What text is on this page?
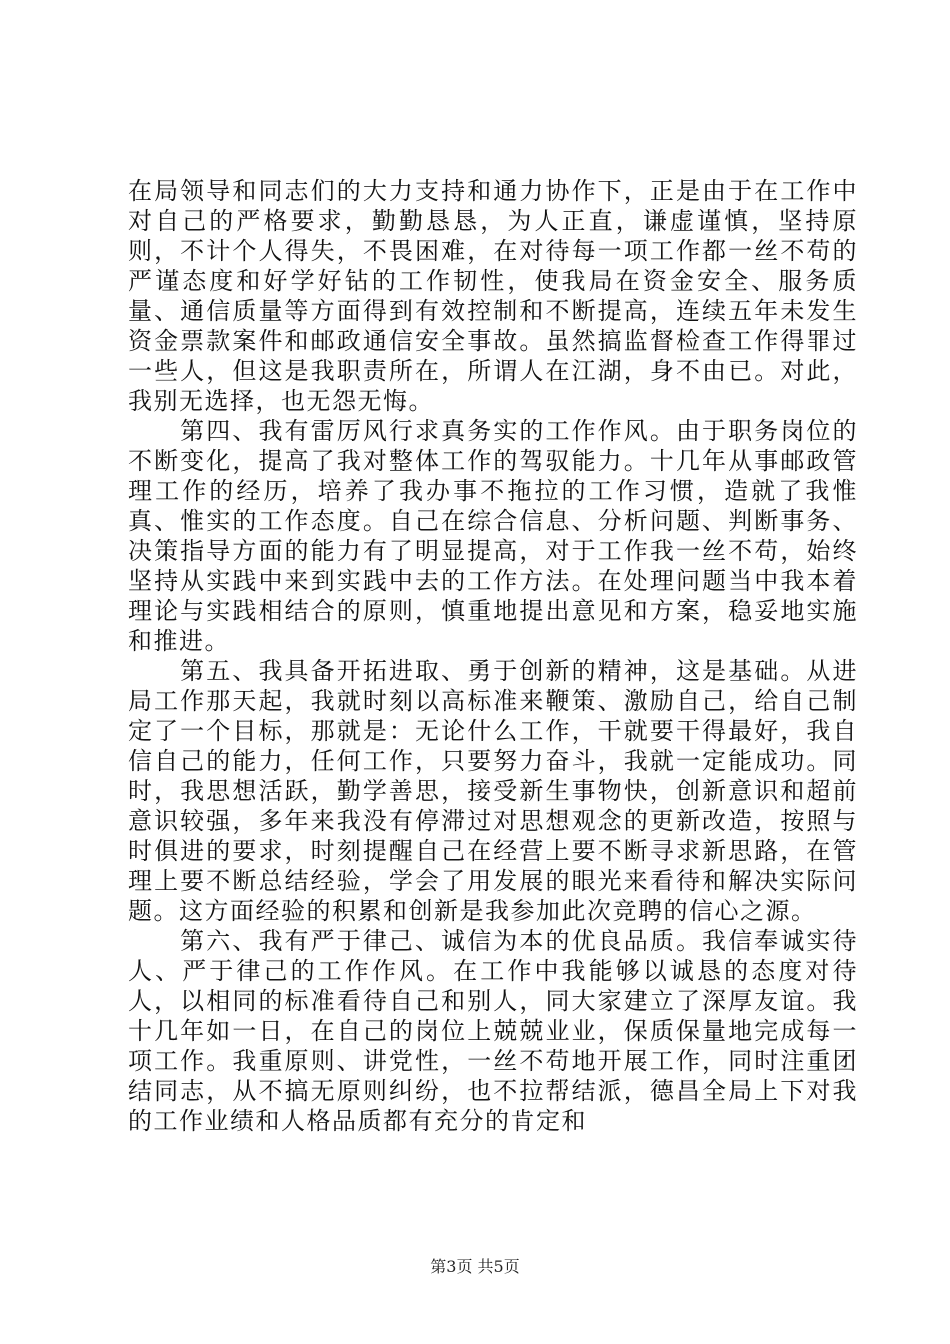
在局领导和同志们的大力支持和通力协作下，正是由于在工作中对自己的严格要求，勤勤恳恳，为人正直，谦虚谨慎，坚持原则，不计个人得失，不畏困难，在对待每一项工作都一丝不苟的严谨态度和好学好钻的工作韧性，使我局在资金安全、服务质量、通信质量等方面得到有效控制和不断提高，连续五年未发生资金票款案件和邮政通信安全事故。虽然搞监督检查工作得罪过一些人，但这是我职责所在，所谓人在江湖，身不由已。对此，我别无选择，也无怨无悔。

　　第四、我有雷厉风行求真务实的工作作风。由于职务岗位的不断变化，提高了我对整体工作的驾驭能力。十几年从事邮政管理工作的经历，培养了我办事不拖拉的工作习惯，造就了我惟真、惟实的工作态度。自己在综合信息、分析问题、判断事务、决策指导方面的能力有了明显提高，对于工作我一丝不苟，始终坚持从实践中来到实践中去的工作方法。在处理问题当中我本着理论与实践相结合的原则，慎重地提出意见和方案，稳妥地实施和推进。

　　第五、我具备开拓进取、勇于创新的精神，这是基础。从进局工作那天起，我就时刻以高标准来鞭策、激励自己，给自己制定了一个目标，那就是：无论什么工作，干就要干得最好，我自信自己的能力，任何工作，只要努力奋斗，我就一定能成功。同时，我思想活跃，勤学善思，接受新生事物快，创新意识和超前意识较强，多年来我没有停滞过对思想观念的更新改造，按照与时俱进的要求，时刻提醒自己在经营上要不断寻求新思路，在管理上要不断总结经验，学会了用发展的眼光来看待和解决实际问题。这方面经验的积累和创新是我参加此次竞聘的信心之源。

　　第六、我有严于律己、诚信为本的优良品质。我信奉诚实待人、严于律己的工作作风。在工作中我能够以诚恳的态度对待人，以相同的标准看待自己和别人，同大家建立了深厚友谊。我十几年如一日，在自己的岗位上兢兢业业，保质保量地完成每一项工作。我重原则、讲党性，一丝不苟地开展工作，同时注重团结同志，从不搞无原则纠纷，也不拉帮结派，德昌全局上下对我的工作业绩和人格品质都有充分的肯定和

第3页 共5页
